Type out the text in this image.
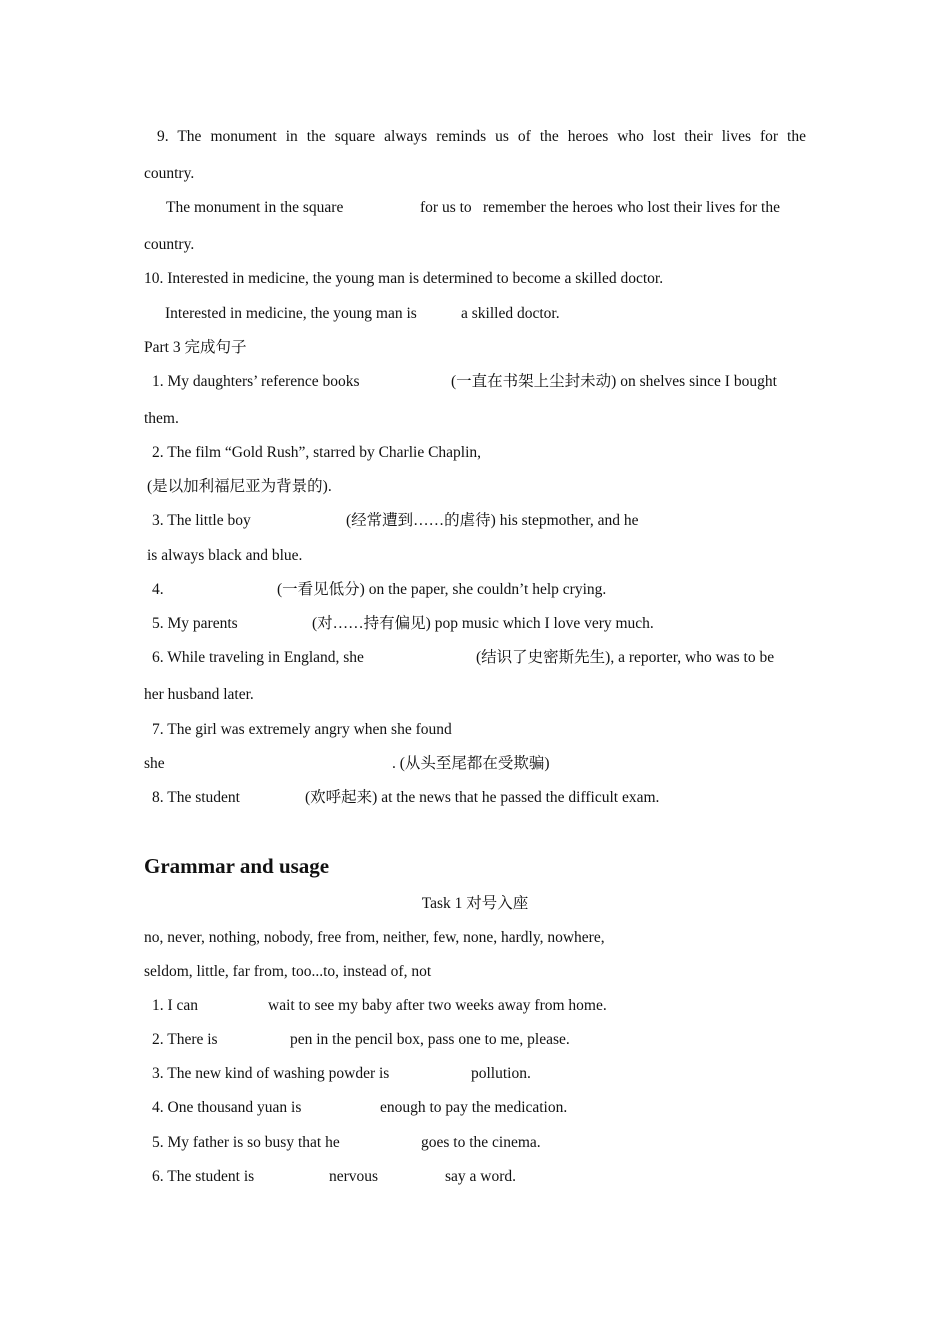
9. The monument in the square always reminds us of the heroes who lost their lives for the
country.
The monument in the square	for us to remember the heroes who lost their lives for the
country.
10. Interested in medicine, the young man is determined to become a skilled doctor.
Interested in medicine, the young man is	a skilled doctor.
Part 3 完成句子
1. My daughters’ reference books	(一直在书架上尘封未动) on shelves since I bought
them.
2. The film “Gold Rush”, starred by Charlie Chaplin,
(是以加利福尼亚为背景的).
3. The little boy	(经常遭到……的虐待) his stepmother, and he
is always black and blue.
4.	(一看见低分) on the paper, she couldn’t help crying.
5. My parents	(对……持有偏见) pop music which I love very much.
6. While traveling in England, she	(结识了史密斯先生), a reporter, who was to be
her husband later.
7. The girl was extremely angry when she found
she	. (从头至尾都在受欺骗)
8. The student	(欢呼起来) at the news that he passed the difficult exam.
Grammar and usage
Task 1 对号入座
no, never, nothing, nobody, free from, neither, few, none, hardly, nowhere,
seldom, little, far from, too...to, instead of, not
1. I can	wait to see my baby after two weeks away from home.
2. There is	pen in the pencil box, pass one to me, please.
3. The new kind of washing powder is	pollution.
4. One thousand yuan is	enough to pay the medication.
5. My father is so busy that he	goes to the cinema.
6. The student is	nervous	say a word.
